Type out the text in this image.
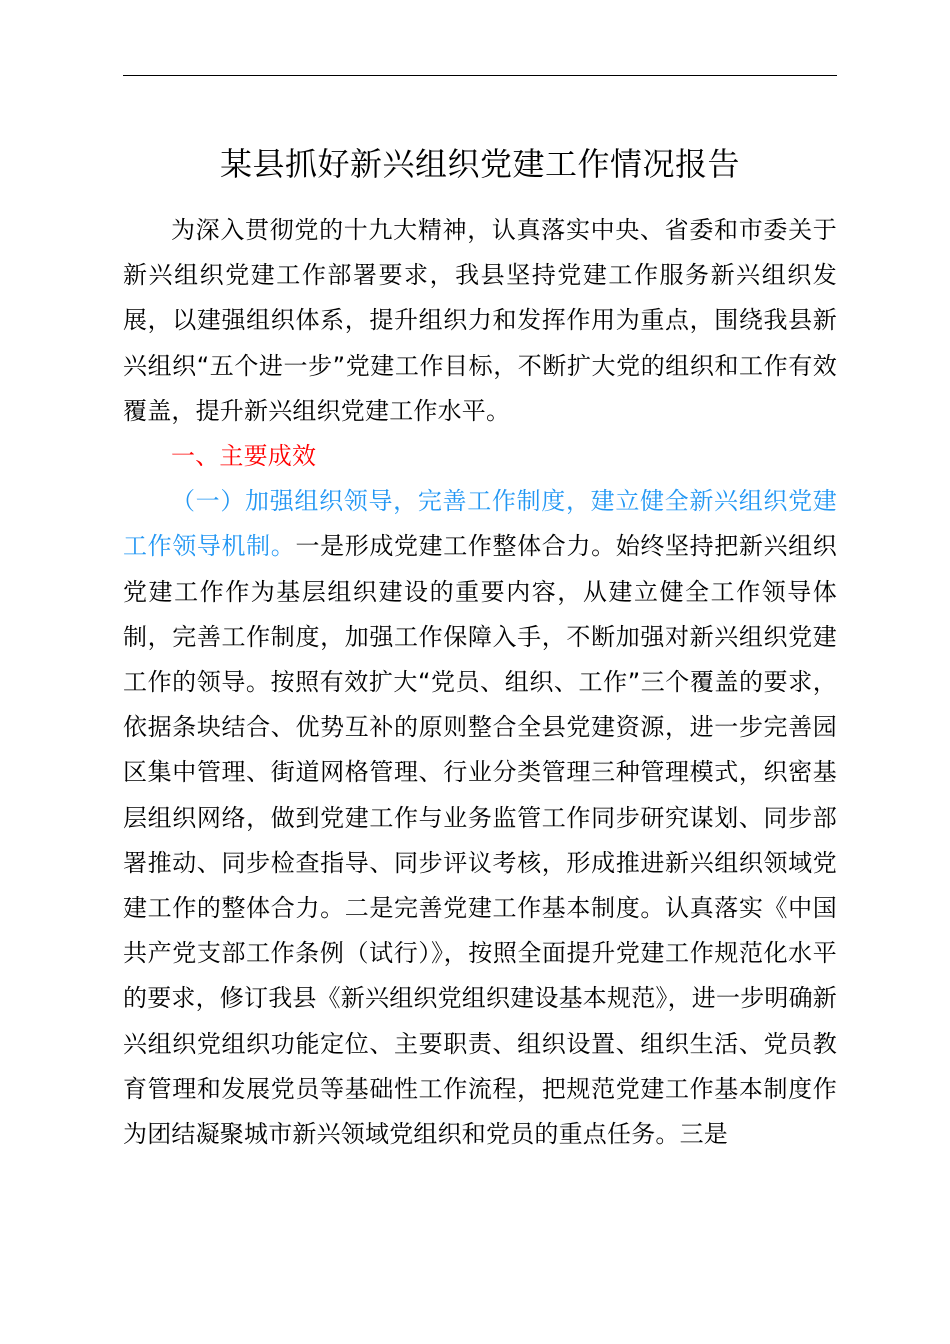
某县抓好新兴组织党建工作情况报告

为深入贯彻党的十九大精神，认真落实中央、省委和市委关于新兴组织党建工作部署要求，我县坚持党建工作服务新兴组织发展，以建强组织体系，提升组织力和发挥作用为重点，围绕我县新兴组织“五个进一步”党建工作目标，不断扩大党的组织和工作有效覆盖，提升新兴组织党建工作水平。

一、主要成效

（一）加强组织领导，完善工作制度，建立健全新兴组织党建工作领导机制。一是形成党建工作整体合力。始终坚持把新兴组织党建工作作为基层组织建设的重要内容，从建立健全工作领导体制，完善工作制度，加强工作保障入手，不断加强对新兴组织党建工作的领导。按照有效扩大“党员、组织、工作”三个覆盖的要求，依据条块结合、优势互补的原则整合全县党建资源，进一步完善园区集中管理、街道网格管理、行业分类管理三种管理模式，织密基层组织网络，做到党建工作与业务监管工作同步研究谋划、同步部署推动、同步检查指导、同步评议考核，形成推进新兴组织领域党建工作的整体合力。二是完善党建工作基本制度。认真落实《中国共产党支部工作条例（试行）》，按照全面提升党建工作规范化水平的要求，修订我县《新兴组织党组织建设基本规范》，进一步明确新兴组织党组织功能定位、主要职责、组织设置、组织生活、党员教育管理和发展党员等基础性工作流程，把规范党建工作基本制度作为团结凝聚城市新兴领域党组织和党员的重点任务。三是
